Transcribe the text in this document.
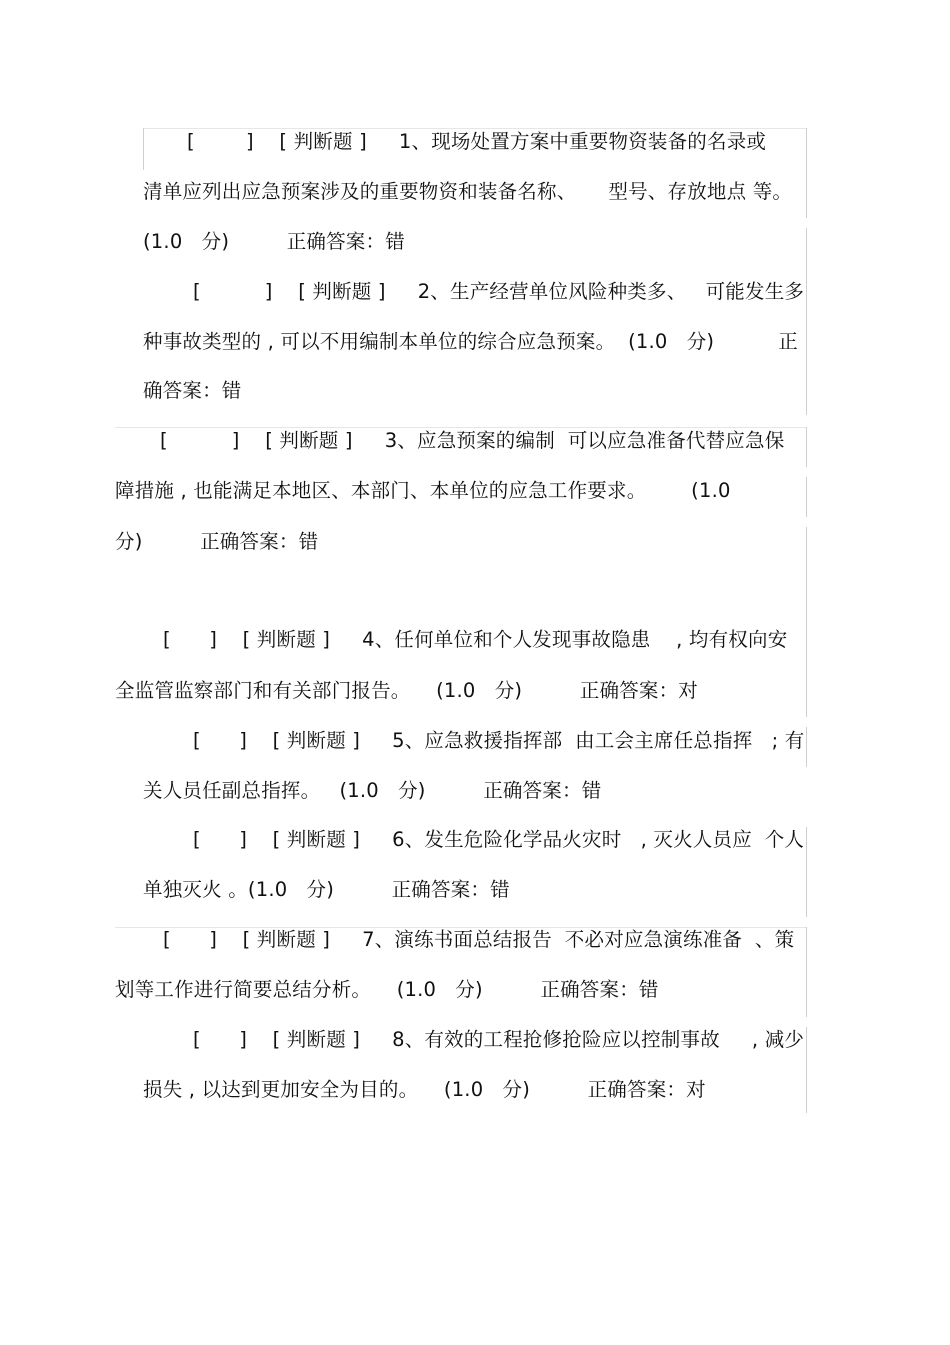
[        ]    [ 判断题 ]     1、现场处置方案中重要物资装备的名录或
清单应列出应急预案涉及的重要物资和装备名称、     型号、存放地点 等。
(1.0   分)         正确答案：错
[          ]    [ 判断题 ]     2、生产经营单位风险种类多、   可能发生多
种事故类型的 , 可以不用编制本单位的综合应急预案。  (1.0   分)          正
确答案：错
[          ]    [ 判断题 ]     3、应急预案的编制  可以应急准备代替应急保
障措施 , 也能满足本地区、本部门、本单位的应急工作要求。       (1.0
分)         正确答案：错
[      ]    [ 判断题 ]     4、任何单位和个人发现事故隐患    , 均有权向安
全监管监察部门和有关部门报告。    (1.0   分)         正确答案：对
[      ]    [ 判断题 ]     5、应急救援指挥部  由工会主席任总指挥   ; 有
关人员任副总指挥。   (1.0   分)         正确答案：错
[      ]    [ 判断题 ]     6、发生危险化学品火灾时   , 灭火人员应  个人
单独灭火 。(1.0   分)         正确答案：错
[      ]    [ 判断题 ]     7、演练书面总结报告  不必对应急演练准备  、策
划等工作进行简要总结分析。    (1.0   分)         正确答案：错
[      ]    [ 判断题 ]     8、有效的工程抢修抢险应以控制事故     , 减少
损失 , 以达到更加安全为目的。    (1.0   分)         正确答案：对
